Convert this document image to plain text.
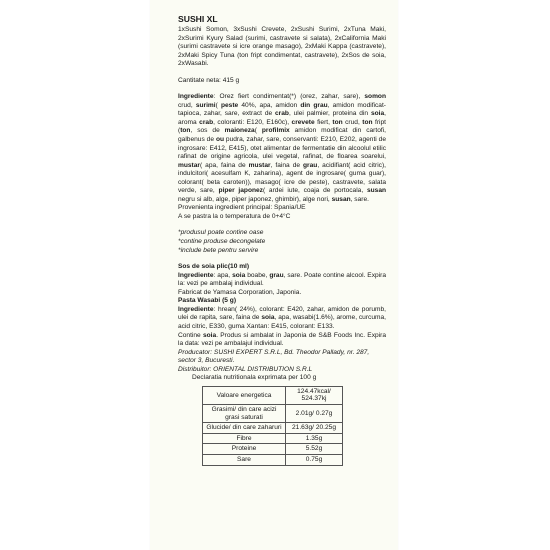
SUSHI XL

1xSushi Somon, 3xSushi Crevete, 2xSushi Surimi, 2xTuna Maki, 2xSurimi Kyury Salad (surimi, castravete si salata), 2xCalifornia Maki (surimi castravete si icre orange masago), 2xMaki Kappa (castravete), 2xMaki Spicy Tuna (ton fript condimentat, castravete), 2xSos de soia, 2xWasabi.

Cantitate neta: 415 g

Ingrediente: Orez fiert condimentat(*) (orez, zahar, sare), somon crud, surimi( peste 40%, apa, amidon din grau, amidon modificat-tapioca, zahar, sare, extract de crab, ulei palmier, proteina din soia, aroma crab, coloranti: E120, E160c), crevete fiert, ton crud, ton fript (ton, sos de maioneza( profilmix amidon modificat din cartofi, galbenus de ou pudra, zahar, sare, conservanti: E210, E202, agenti de ingrosare: E412, E415), otet alimentar de fermentatie din alcoolul etilic rafinat de origine agricola, ulei vegetal, rafinat, de floarea soarelui, mustar( apa, faina de mustar, faina de grau, acidifiant( acid citric), indulcitori( acesulfam K, zaharina), agent de ingrosare( guma guar), colorant( beta caroten)), masago( icre de peste), castravete, salata verde, sare, piper japonez( ardei iute, coaja de portocala, susan negru si alb, alge, piper japonez, ghimbir), alge nori, susan, sare.

Provenienta ingredient principal: Spania/UE

A se pastra la o temperatura de 0+4°C

*produsul poate contine oase

*contine produse decongelate

*include bete pentru servire

Sos de soia plic(10 ml)

Ingrediente: apa, soia boabe, grau, sare. Poate contine alcool. Expira la: vezi pe ambalaj individual.

Fabricat de Yamasa Corporation, Japonia.

Pasta Wasabi (5 g)

Ingrediente: hrean( 24%), colorant: E420, zahar, amidon de porumb, ulei de rapita, sare, faina de soia, apa, wasabi(1.6%), arome, curcuma, acid citric, E330, guma Xantan: E415, colorant: E133.

Contine soia. Produs si ambalat in Japonia de S&B Foods Inc. Expira la data: vezi pe ambalajul individual.

Producator: SUSHI EXPERT S.R.L, Bd. Theodor Pallady, nr. 287, sector 3, Bucuresti.

Distribuitor: ORIENTAL DISTRIBUTION S.R.L

Declaratia nutritionala exprimata per 100 g

Valoare energetica	124.47kcal/ 524.37kj
Grasimi/ din care acizi grasi saturati	2.01g/ 0.27g
Glucide/ din care zaharuri	21.63g/ 20.25g
Fibre	1.35g
Proteine	5.52g
Sare	0.75g
